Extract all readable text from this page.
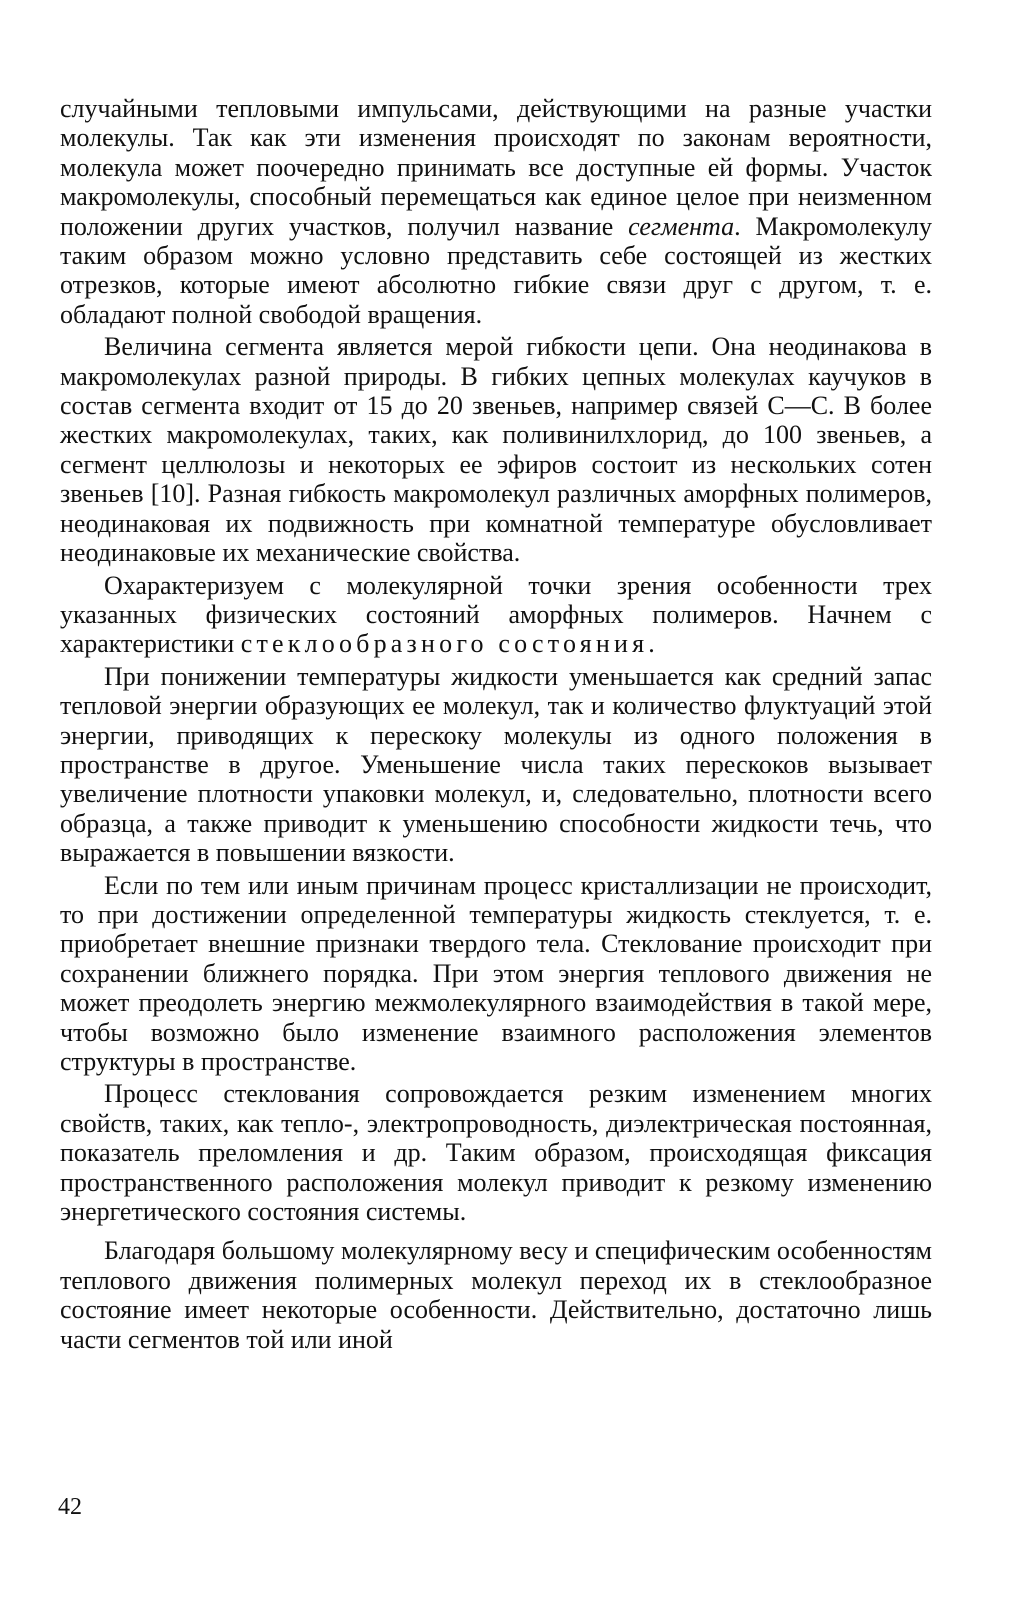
случайными тепловыми импульсами, действующими на разные участки молекулы. Так как эти изменения происходят по законам вероятности, молекула может поочередно принимать все доступные ей формы. Участок макромолекулы, способный перемещаться как единое целое при неизменном положении других участков, получил название сегмента. Макромолекулу таким образом можно условно представить себе состоящей из жестких отрезков, которые имеют абсолютно гибкие связи друг с другом, т. е. обладают полной свободой вращения.

Величина сегмента является мерой гибкости цепи. Она неодинакова в макромолекулах разной природы. В гибких цепных молекулах каучуков в состав сегмента входит от 15 до 20 звеньев, например связей С—С. В более жестких макромолекулах, таких, как поливинилхлорид, до 100 звеньев, а сегмент целлюлозы и некоторых ее эфиров состоит из нескольких сотен звеньев [10]. Разная гибкость макромолекул различных аморфных полимеров, неодинаковая их подвижность при комнатной температуре обусловливает неодинаковые их механические свойства.

Охарактеризуем с молекулярной точки зрения особенности трех указанных физических состояний аморфных полимеров. Начнем с характеристики стеклообразного состояния.

При понижении температуры жидкости уменьшается как средний запас тепловой энергии образующих ее молекул, так и количество флуктуаций этой энергии, приводящих к перескоку молекулы из одного положения в пространстве в другое. Уменьшение числа таких перескоков вызывает увеличение плотности упаковки молекул, и, следовательно, плотности всего образца, а также приводит к уменьшению способности жидкости течь, что выражается в повышении вязкости.

Если по тем или иным причинам процесс кристаллизации не происходит, то при достижении определенной температуры жидкость стеклуется, т. е. приобретает внешние признаки твердого тела. Стеклование происходит при сохранении ближнего порядка. При этом энергия теплового движения не может преодолеть энергию межмолекулярного взаимодействия в такой мере, чтобы возможно было изменение взаимного расположения элементов структуры в пространстве.

Процесс стеклования сопровождается резким изменением многих свойств, таких, как тепло-, электропроводность, диэлектрическая постоянная, показатель преломления и др. Таким образом, происходящая фиксация пространственного расположения молекул приводит к резкому изменению энергетического состояния системы.

Благодаря большому молекулярному весу и специфическим особенностям теплового движения полимерных молекул переход их в стеклообразное состояние имеет некоторые особенности. Действительно, достаточно лишь части сегментов той или иной

42
